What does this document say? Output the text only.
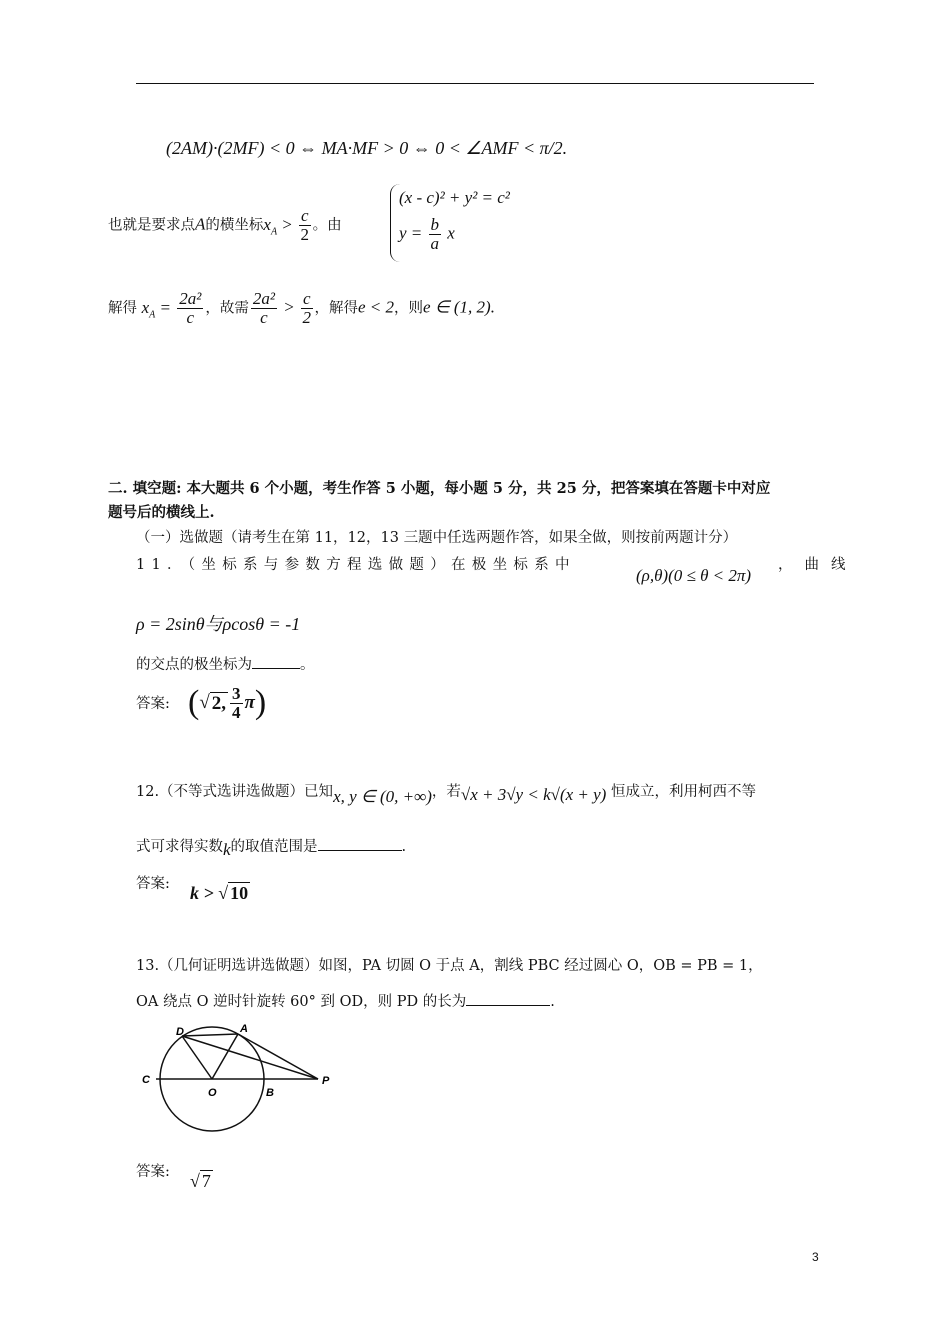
(2AM)·(2MF) < 0 ⇔ MA·MF > 0 ⇔ 0 < ∠AMF < π/2.
也就是要求点A的横坐标$x_A > \frac{c}{2}$ 。由
(x - c)² + y² = c²
$y = \frac{b}{a}$ x
解得 $x_A = \frac{\text{2a²}}{c}$ ，故需 $\frac{\text{2a²}}{c} > \frac{c}{2}$ ，解得e < 2，则e ∈ (1, 2).
二. 填空题: 本大题共 6 个小题，考生作答 5 小题，每小题 5 分，共 25 分，把答案填在答题卡中对应
题号后的横线上.
（一）选做题（请考生在第 11，12，13 三题中任选两题作答，如果全做，则按前两题计分）
11．（坐标系与参数方程选做题）在极坐标系中
(ρ,θ)(0 ≤ θ < 2π)
，曲线
ρ = 2sinθ与ρcosθ = -1
的交点的极坐标为	。
答案: (√ 2, $\frac{3}{4} \pi$)
12.（不等式选讲选做题）已知x, y ∈ (0, +∞)，若√x + 3√y < k√(x + y) 恒成立，利用柯西不等
式可求得实数k的取值范围是	.
答案: k > √ 10
13.（几何证明选讲选做题）如图，PA 切圆 O 于点 A，割线 PBC 经过圆心 O，OB = PB = 1，
OA 绕点 O 逆时针旋转 60° 到 OD，则 PD 的长为	.
D	A
C
O	B
P
答案: √ 7
3
